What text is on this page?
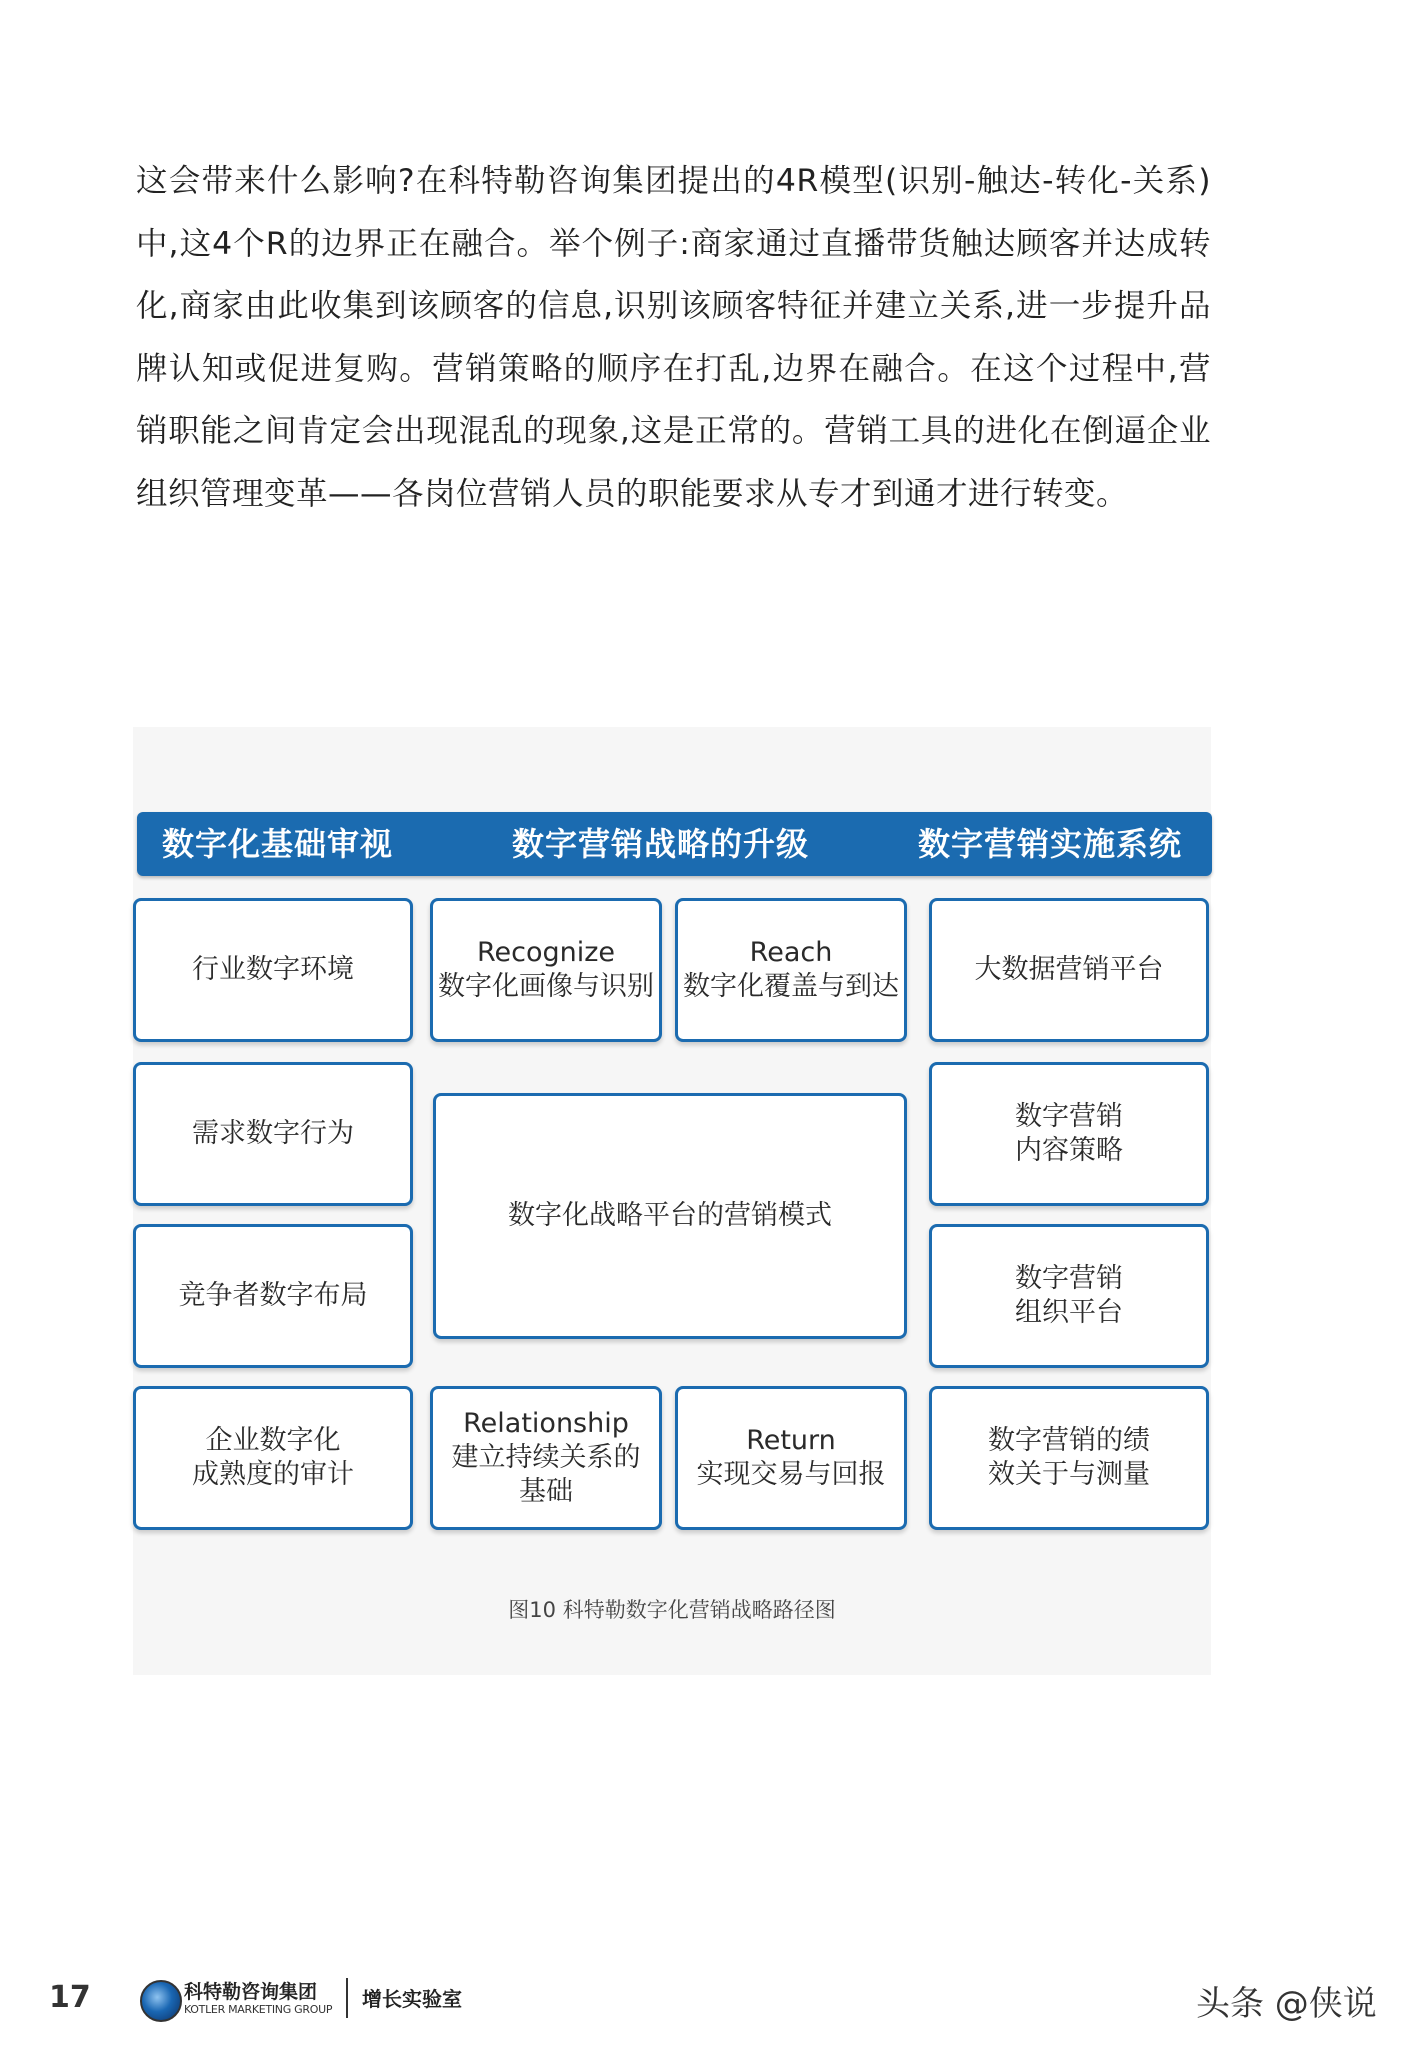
这会带来什么影响?在科特勒咨询集团提出的4R模型(识别-触达-转化-关系)中,这4个R的边界正在融合。举个例子:商家通过直播带货触达顾客并达成转化,商家由此收集到该顾客的信息,识别该顾客特征并建立关系,进一步提升品牌认知或促进复购。营销策略的顺序在打乱,边界在融合。在这个过程中,营销职能之间肯定会出现混乱的现象,这是正常的。营销工具的进化在倒逼企业组织管理变革——各岗位营销人员的职能要求从专才到通才进行转变。

数字化基础审视	数字营销战略的升级	数字营销实施系统
行业数字环境
需求数字行为
竞争者数字布局
企业数字化
成熟度的审计
Recognize
数字化画像与识别
Reach
数字化覆盖与到达
数字化战略平台的营销模式
Relationship
建立持续关系的
基础
Return
实现交易与回报
大数据营销平台
数字营销
内容策略
数字营销
组织平台
数字营销的绩
效关于与测量
图10 科特勒数字化营销战略路径图
17	科特勒咨询集团
KOTLER MARKETING GROUP 增长实验室	头条 @侠说
